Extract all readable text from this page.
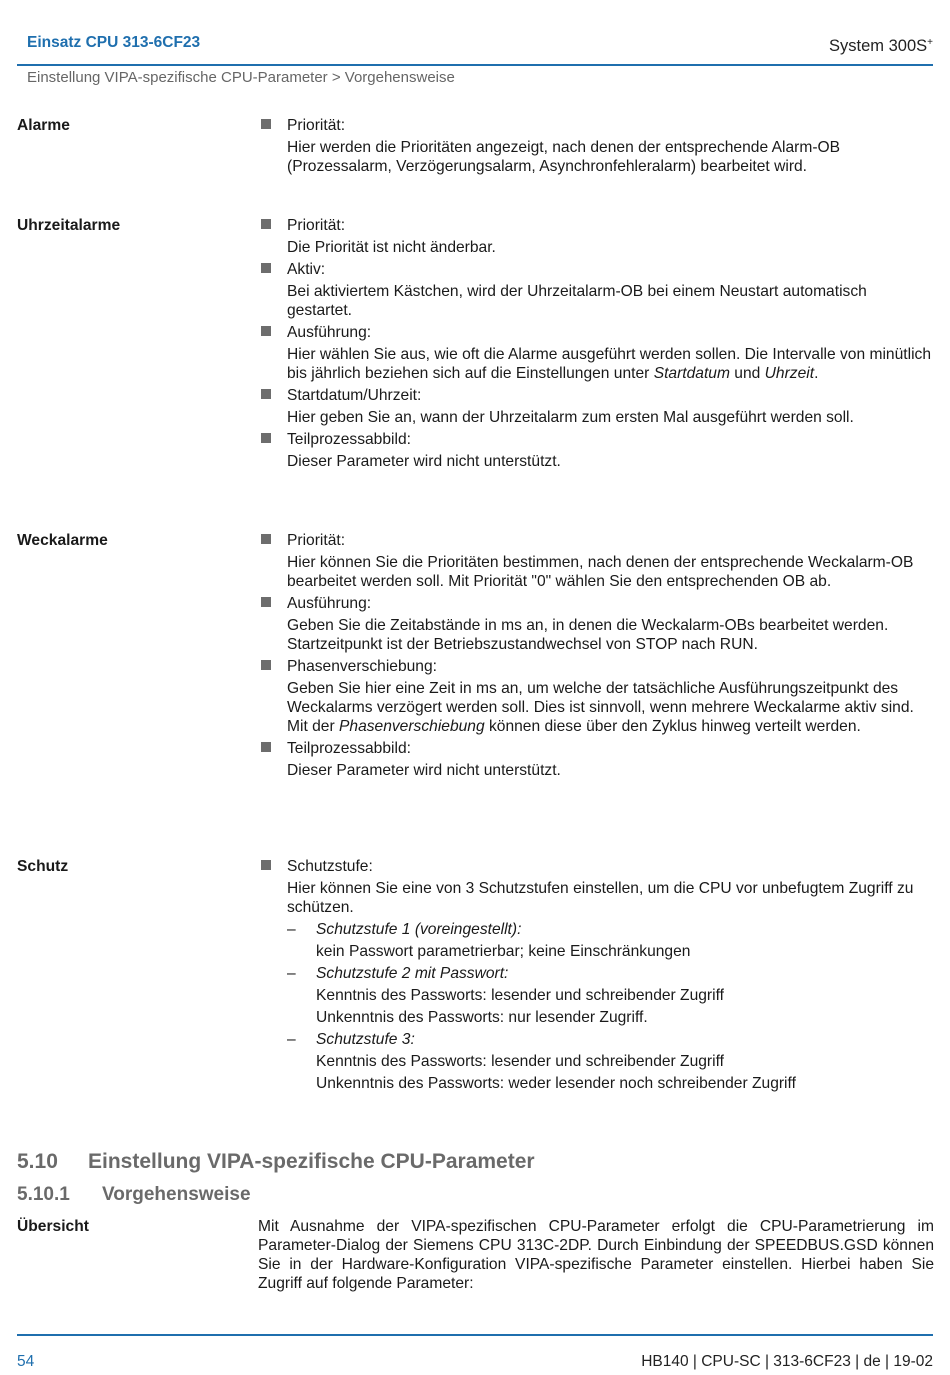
Einsatz CPU 313-6CF23	System 300S+
Einstellung VIPA-spezifische CPU-Parameter > Vorgehensweise
Alarme	Priorität:
Hier werden die Prioritäten angezeigt, nach denen der entsprechende Alarm-OB (Prozessalarm, Verzögerungsalarm, Asynchronfehleralarm) bearbeitet wird.
Uhrzeitalarme	Priorität:
Die Priorität ist nicht änderbar.
Aktiv:
Bei aktiviertem Kästchen, wird der Uhrzeitalarm-OB bei einem Neustart automatisch gestartet.
Ausführung:
Hier wählen Sie aus, wie oft die Alarme ausgeführt werden sollen. Die Intervalle von minütlich bis jährlich beziehen sich auf die Einstellungen unter Startdatum und Uhrzeit.
Startdatum/Uhrzeit:
Hier geben Sie an, wann der Uhrzeitalarm zum ersten Mal ausgeführt werden soll.
Teilprozessabbild:
Dieser Parameter wird nicht unterstützt.
Weckalarme	Priorität:
Hier können Sie die Prioritäten bestimmen, nach denen der entsprechende Weckalarm-OB bearbeitet werden soll. Mit Priorität "0" wählen Sie den entsprechenden OB ab.
Ausführung:
Geben Sie die Zeitabstände in ms an, in denen die Weckalarm-OBs bearbeitet werden. Startzeitpunkt ist der Betriebszustandwechsel von STOP nach RUN.
Phasenverschiebung:
Geben Sie hier eine Zeit in ms an, um welche der tatsächliche Ausführungszeitpunkt des Weckalarms verzögert werden soll. Dies ist sinnvoll, wenn mehrere Weckalarme aktiv sind. Mit der Phasenverschiebung können diese über den Zyklus hinweg verteilt werden.
Teilprozessabbild:
Dieser Parameter wird nicht unterstützt.
Schutz	Schutzstufe:
Hier können Sie eine von 3 Schutzstufen einstellen, um die CPU vor unbefugtem Zugriff zu schützen.
– Schutzstufe 1 (voreingestellt):
kein Passwort parametrierbar; keine Einschränkungen
– Schutzstufe 2 mit Passwort:
Kenntnis des Passworts: lesender und schreibender Zugriff
Unkenntnis des Passworts: nur lesender Zugriff.
– Schutzstufe 3:
Kenntnis des Passworts: lesender und schreibender Zugriff
Unkenntnis des Passworts: weder lesender noch schreibender Zugriff
5.10 Einstellung VIPA-spezifische CPU-Parameter
5.10.1 Vorgehensweise
Übersicht	Mit Ausnahme der VIPA-spezifischen CPU-Parameter erfolgt die CPU-Parametrierung im Parameter-Dialog der Siemens CPU 313C-2DP. Durch Einbindung der SPEEDBUS.GSD können Sie in der Hardware-Konfiguration VIPA-spezifische Parameter einstellen. Hierbei haben Sie Zugriff auf folgende Parameter:
54	HB140 | CPU-SC | 313-6CF23 | de | 19-02
